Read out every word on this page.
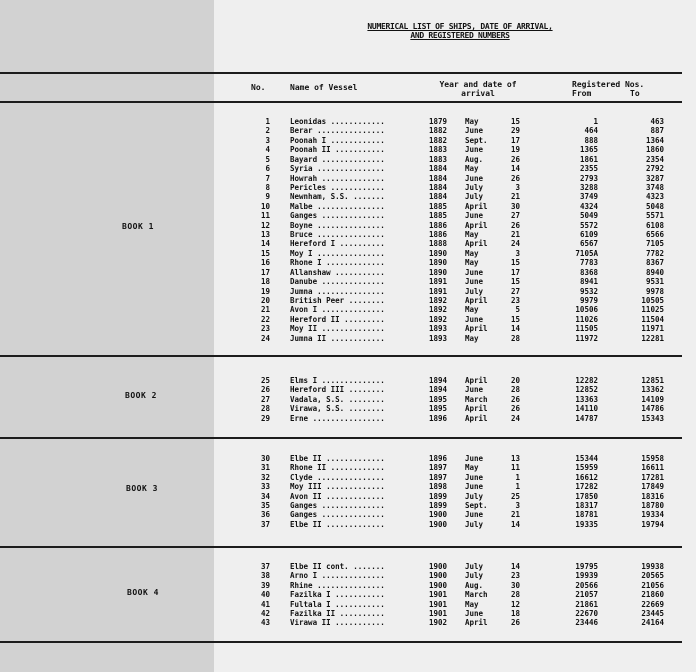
NUMERICAL LIST OF SHIPS, DATE OF ARRIVAL,
AND REGISTERED NUMBERS
No.	Name of Vessel	Year and date of
arrival
Registered Nos.
From	To
BOOK 1
BOOK 2
BOOK 3
BOOK 4
1	Leonidas ............	1879 May	15	1	463
2	Berar ...............	1882 June	29	464	887
3	Poonah I ............	1882 Sept.	17	888	1364
4	Poonah II ...........	1883 June	19	1365	1860
5	Bayard ..............	1883 Aug.	26	1861	2354
6	Syria ...............	1884 May	14	2355	2792
7	Howrah ..............	1884 June	26	2793	3287
8	Pericles ............	1884 July	3	3288	3748
9	Newnham, S.S. .......	1884 July	21	3749	4323
10	Malbe ...............	1885 April	30	4324	5048
11	Ganges ..............	1885 June	27	5049	5571
12	Boyne ...............	1886 April	26	5572	6108
13	Bruce ...............	1886 May	21	6109	6566
14	Hereford I ..........	1888 April	24	6567	7105
15	Moy I ...............	1890 May	3	7105A	7782
16	Rhone I .............	1890 May	15	7783	8367
17	Allanshaw ...........	1890 June	17	8368	8940
18	Danube ..............	1891 June	15	8941	9531
19	Jumna ...............	1891 July	27	9532	9978
20	British Peer ........	1892 April	23	9979	10505
21	Avon I ..............	1892 May	5	10506	11025
22	Hereford II .........	1892 June	15	11026	11504
23	Moy II ..............	1893 April	14	11505	11971
24	Jumna II ............	1893 May	28	11972	12281
25	Elms I ..............	1894 April	20	12282	12851
26	Hereford III ........	1894 June	28	12852	13362
27	Vadala, S.S. ........	1895 March	26	13363	14109
28	Virawa, S.S. ........	1895 April	26	14110	14786
29	Erne ................	1896 April	24	14787	15343
30	Elbe II .............	1896 June	13	15344	15958
31	Rhone II ............	1897 May	11	15959	16611
32	Clyde ...............	1897 June	1	16612	17281
33	Moy III .............	1898 June	1	17282	17849
34	Avon II .............	1899 July	25	17850	18316
35	Ganges ..............	1899 Sept.	3	18317	18780
36	Ganges ..............	1900 June	21	18781	19334
37	Elbe II .............	1900 July	14	19335	19794
37	Elbe II cont. .......	1900 July	14	19795	19938
38	Arno I ..............	1900 July	23	19939	20565
39	Rhine ...............	1900 Aug.	30	20566	21056
40	Fazilka I ...........	1901 March	28	21057	21860
41	Fultala I ...........	1901 May	12	21861	22669
42	Fazilka II ..........	1901 June	18	22670	23445
43	Virawa II ...........	1902 April	26	23446	24164
